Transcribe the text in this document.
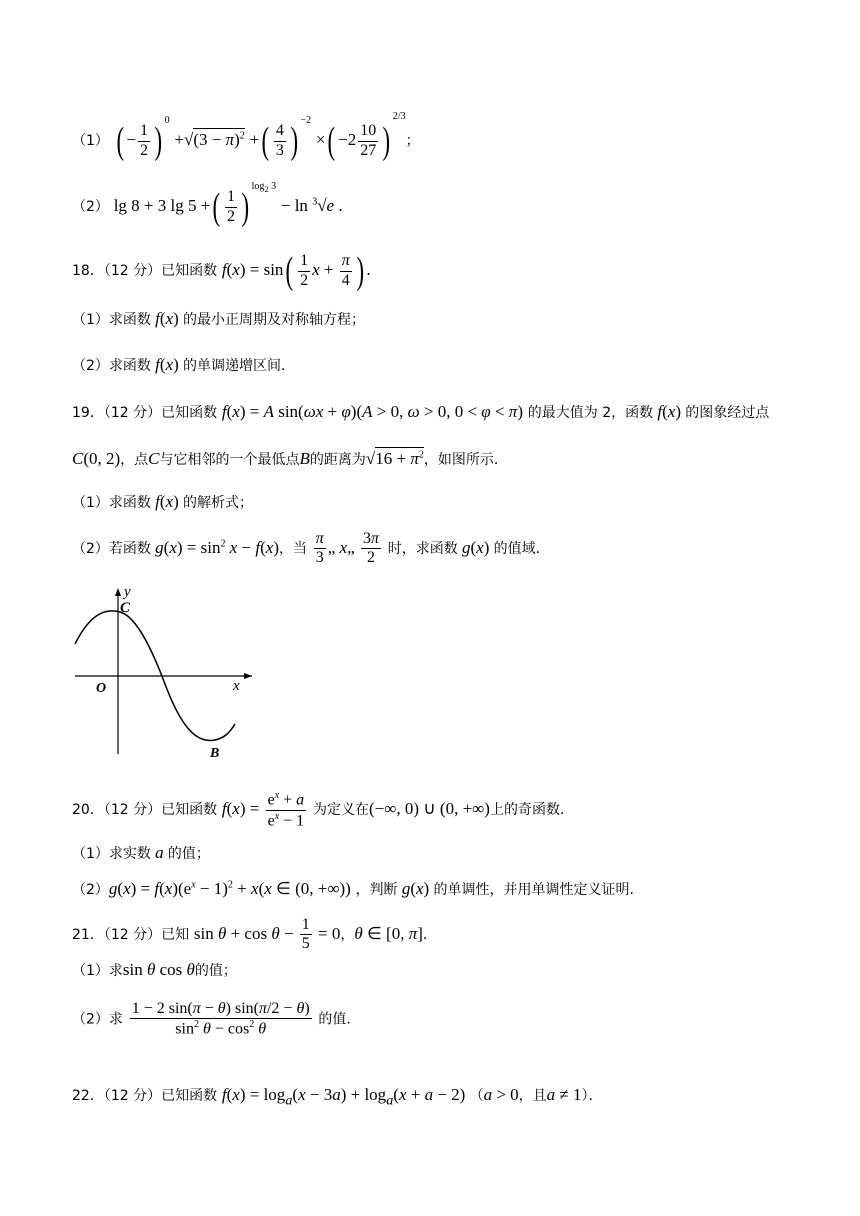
（1） ( − $\frac{1}{2}$ ) $^0 +√(3 - \pi)^2$ +( $\frac{4}{3}$ ) $^{-2}$ ×( $-2 \frac{10}{27} )^{2/3}$；
（2） lg 8 + 3 lg 5 +( $\frac{1}{2}$ ) $^{log_2 3}$ − ln $^3$√e .
18．（12 分）已知函数 $f(x) = \sin( \frac{1}{2}$ $x + \frac{\pi}{4}$ ) .
（1）求函数 f(x) 的最小正周期及对称轴方程；
（2）求函数 f(x) 的单调递增区间．
19．（12 分）已知函数 f(x) = A sin(ωx + φ)(A > 0, ω > 0, 0 < φ < π) 的最大值为 2，函数 f(x) 的图象经过点
C(0, 2)，点C与它相邻的一个最低点B的距离为$√16 + \pi^2$，如图所示．
（1）求函数 f(x) 的解析式；
（2）若函数 $g(x) = \sin^2 x - f(x)$，当 $\frac{\pi}{3}$ „ x„ $\frac{3\pi}{2}$ 时，求函数 g(x) 的值域．
y
x
O
C
B
20．（12 分）已知函数 $f(x) = \frac{e^x + a}{e^x - 1}$ 为定义在(−∞, 0) ∪ (0, +∞)上的奇函数．
（1）求实数 a 的值；
$(2)g(x) = f(x)(e^x - 1)^2 + x(x$ ∈ (0, +∞)) ，判断 g(x) 的单调性，并用单调性定义证明．
21．（12 分）已知 $\sin \theta + \cos \theta - \frac{1}{5} = 0$，θ ∈ [0, π]．
（1）求sin θ cos θ的值；
（2）求 $\frac{1 - 2 \sin(\pi - \theta) \sin(\pi/2 - \theta)}{\sin^2 \theta - \cos^2 \theta}$ 的值．
22．（12 分）已知函数 $f(x) = \log_a(x - 3a) + \log_a(x + a - 2) (a > 0$，且a ≠ 1）．
